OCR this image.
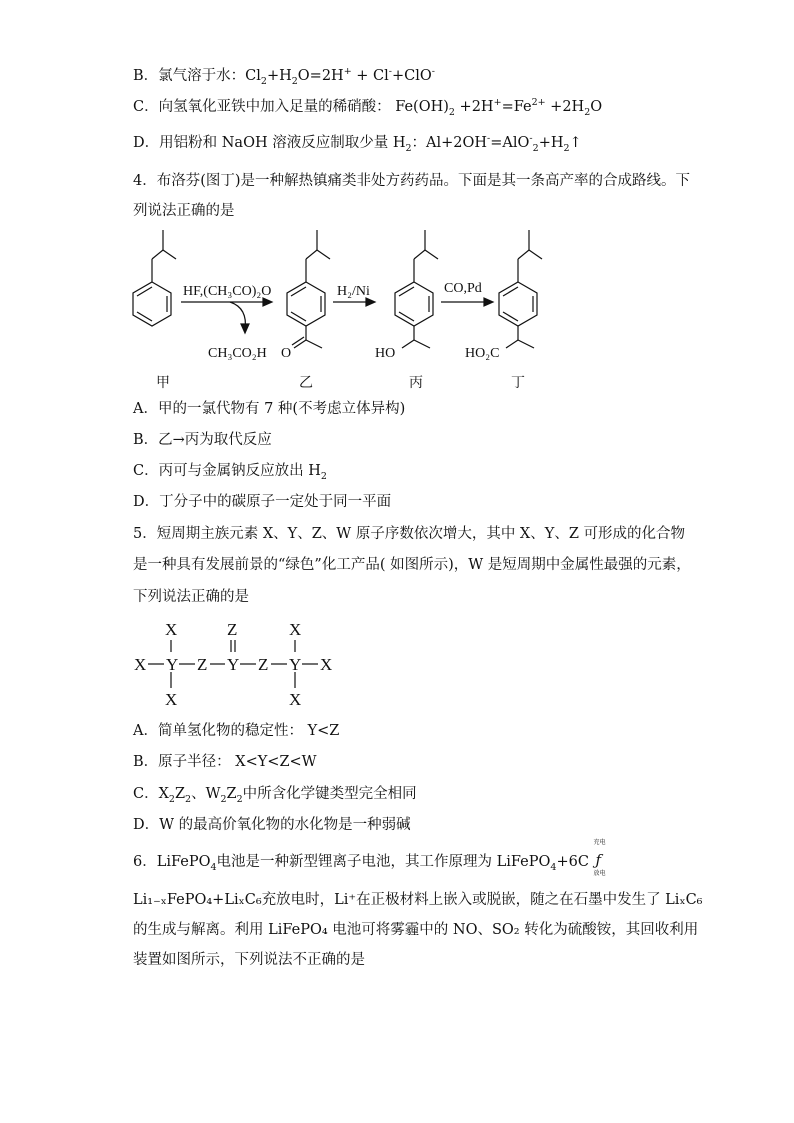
B．氯气溶于水：$Cl_2+H_2O=2H^+ + Cl^-+ClO^-$
C．向氢氧化亚铁中加入足量的稀硝酸： $Fe(OH)_2 +2H^+=Fe^{2+} +2H_2O$
D．用铝粉和 NaOH 溶液反应制取少量 $H_2$：$Al+2OH^-=AlO^-_2+H_2↑$
4．布洛芬(图丁)是一种解热镇痛类非处方药药品。下面是其一条高产率的合成路线。下
列说法正确的是
HF,(CH₃CO)₂O
CH₃CO₂H
H₂/Ni	CO,Pd
O	HO	HO₂C
甲	乙	丙	丁
A．甲的一氯代物有 7 种(不考虑立体异构)
B．乙→丙为取代反应
C．丙可与金属钠反应放出 $H_2$
D．丁分子中的碳原子一定处于同一平面
5．短周期主族元素 X、Y、Z、W 原子序数依次增大，其中 X、Y、Z 可形成的化合物
是一种具有发展前景的“绿色”化工产品( 如图所示)，W 是短周期中金属性最强的元素，
下列说法正确的是
X	Z	X
X Y Z Y Z Y X
X	X
A．简单氢化物的稳定性： Y<Z
B．原子半径： X<Y<Z<W
C．$X_2Z_2$、$W_2Z_2$中所含化学键类型完全相同
D．W 的最高价氧化物的水化物是一种弱碱
6．LiFePO$_4$电池是一种新型锂离子电池，其工作原理为 LiFePO$_4$+6C
充电
ƒ
放电
Li₁₋ₓFePO₄+LiₓC₆充放电时，Li⁺在正极材料上嵌入或脱嵌，随之在石墨中发生了 LiₓC₆
的生成与解离。利用 LiFePO₄ 电池可将雾霾中的 NO、SO₂ 转化为硫酸铵，其回收利用
装置如图所示，下列说法不正确的是
